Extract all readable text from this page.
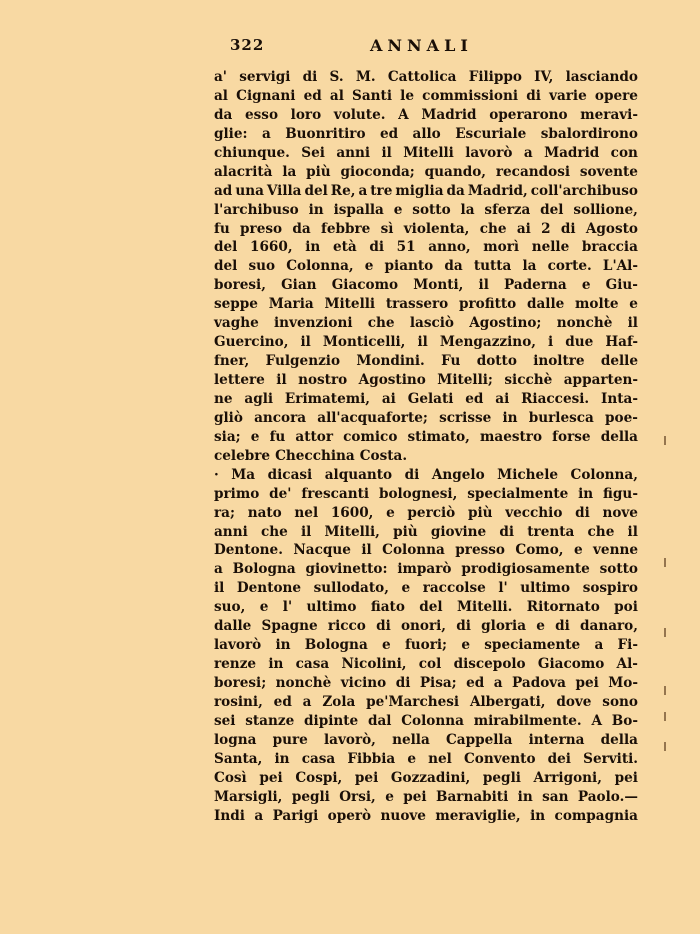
322	ANNALI
a' servigi di S. M. Cattolica Filippo IV, lasciando
al Cignani ed al Santi le commissioni di varie opere
da esso loro volute. A Madrid operarono meravi-
glie: a Buonritiro ed allo Escuriale sbalordirono
chiunque. Sei anni il Mitelli lavorò a Madrid con
alacrità la più gioconda; quando, recandosi sovente
ad una Villa del Re, a tre miglia da Madrid, coll'archibuso
l'archibuso in ispalla e sotto la sferza del sollione,
fu preso da febbre sì violenta, che ai 2 di Agosto
del 1660, in età di 51 anno, morì nelle braccia
del suo Colonna, e pianto da tutta la corte. L'Al-
boresi, Gian Giacomo Monti, il Paderna e Giu-
seppe Maria Mitelli trassero profitto dalle molte e
vaghe invenzioni che lasciò Agostino; nonchè il
Guercino, il Monticelli, il Mengazzino, i due Haf-
fner, Fulgenzio Mondini. Fu dotto inoltre delle
lettere il nostro Agostino Mitelli; sicchè apparten-
ne agli Erimatemi, ai Gelati ed ai Riaccesi. Inta-
gliò ancora all'acquaforte; scrisse in burlesca poe-
sia; e fu attor comico stimato, maestro forse della
celebre Checchina Costa.
· Ma dicasi alquanto di Angelo Michele Colonna,
primo de' frescanti bolognesi, specialmente in figu-
ra; nato nel 1600, e perciò più vecchio di nove
anni che il Mitelli, più giovine di trenta che il
Dentone. Nacque il Colonna presso Como, e venne
a Bologna giovinetto: imparò prodigiosamente sotto
il Dentone sullodato, e raccolse l' ultimo sospiro
suo, e l' ultimo fiato del Mitelli. Ritornato poi
dalle Spagne ricco di onori, di gloria e di danaro,
lavorò in Bologna e fuori; e speciamente a Fi-
renze in casa Nicolini, col discepolo Giacomo Al-
boresi; nonchè vicino di Pisa; ed a Padova pei Mo-
rosini, ed a Zola pe'Marchesi Albergati, dove sono
sei stanze dipinte dal Colonna mirabilmente. A Bo-
logna pure lavorò, nella Cappella interna della
Santa, in casa Fibbia e nel Convento dei Serviti.
Così pei Cospi, pei Gozzadini, pegli Arrigoni, pei
Marsigli, pegli Orsi, e pei Barnabiti in san Paolo.—
Indi a Parigi operò nuove meraviglie, in compagnia
